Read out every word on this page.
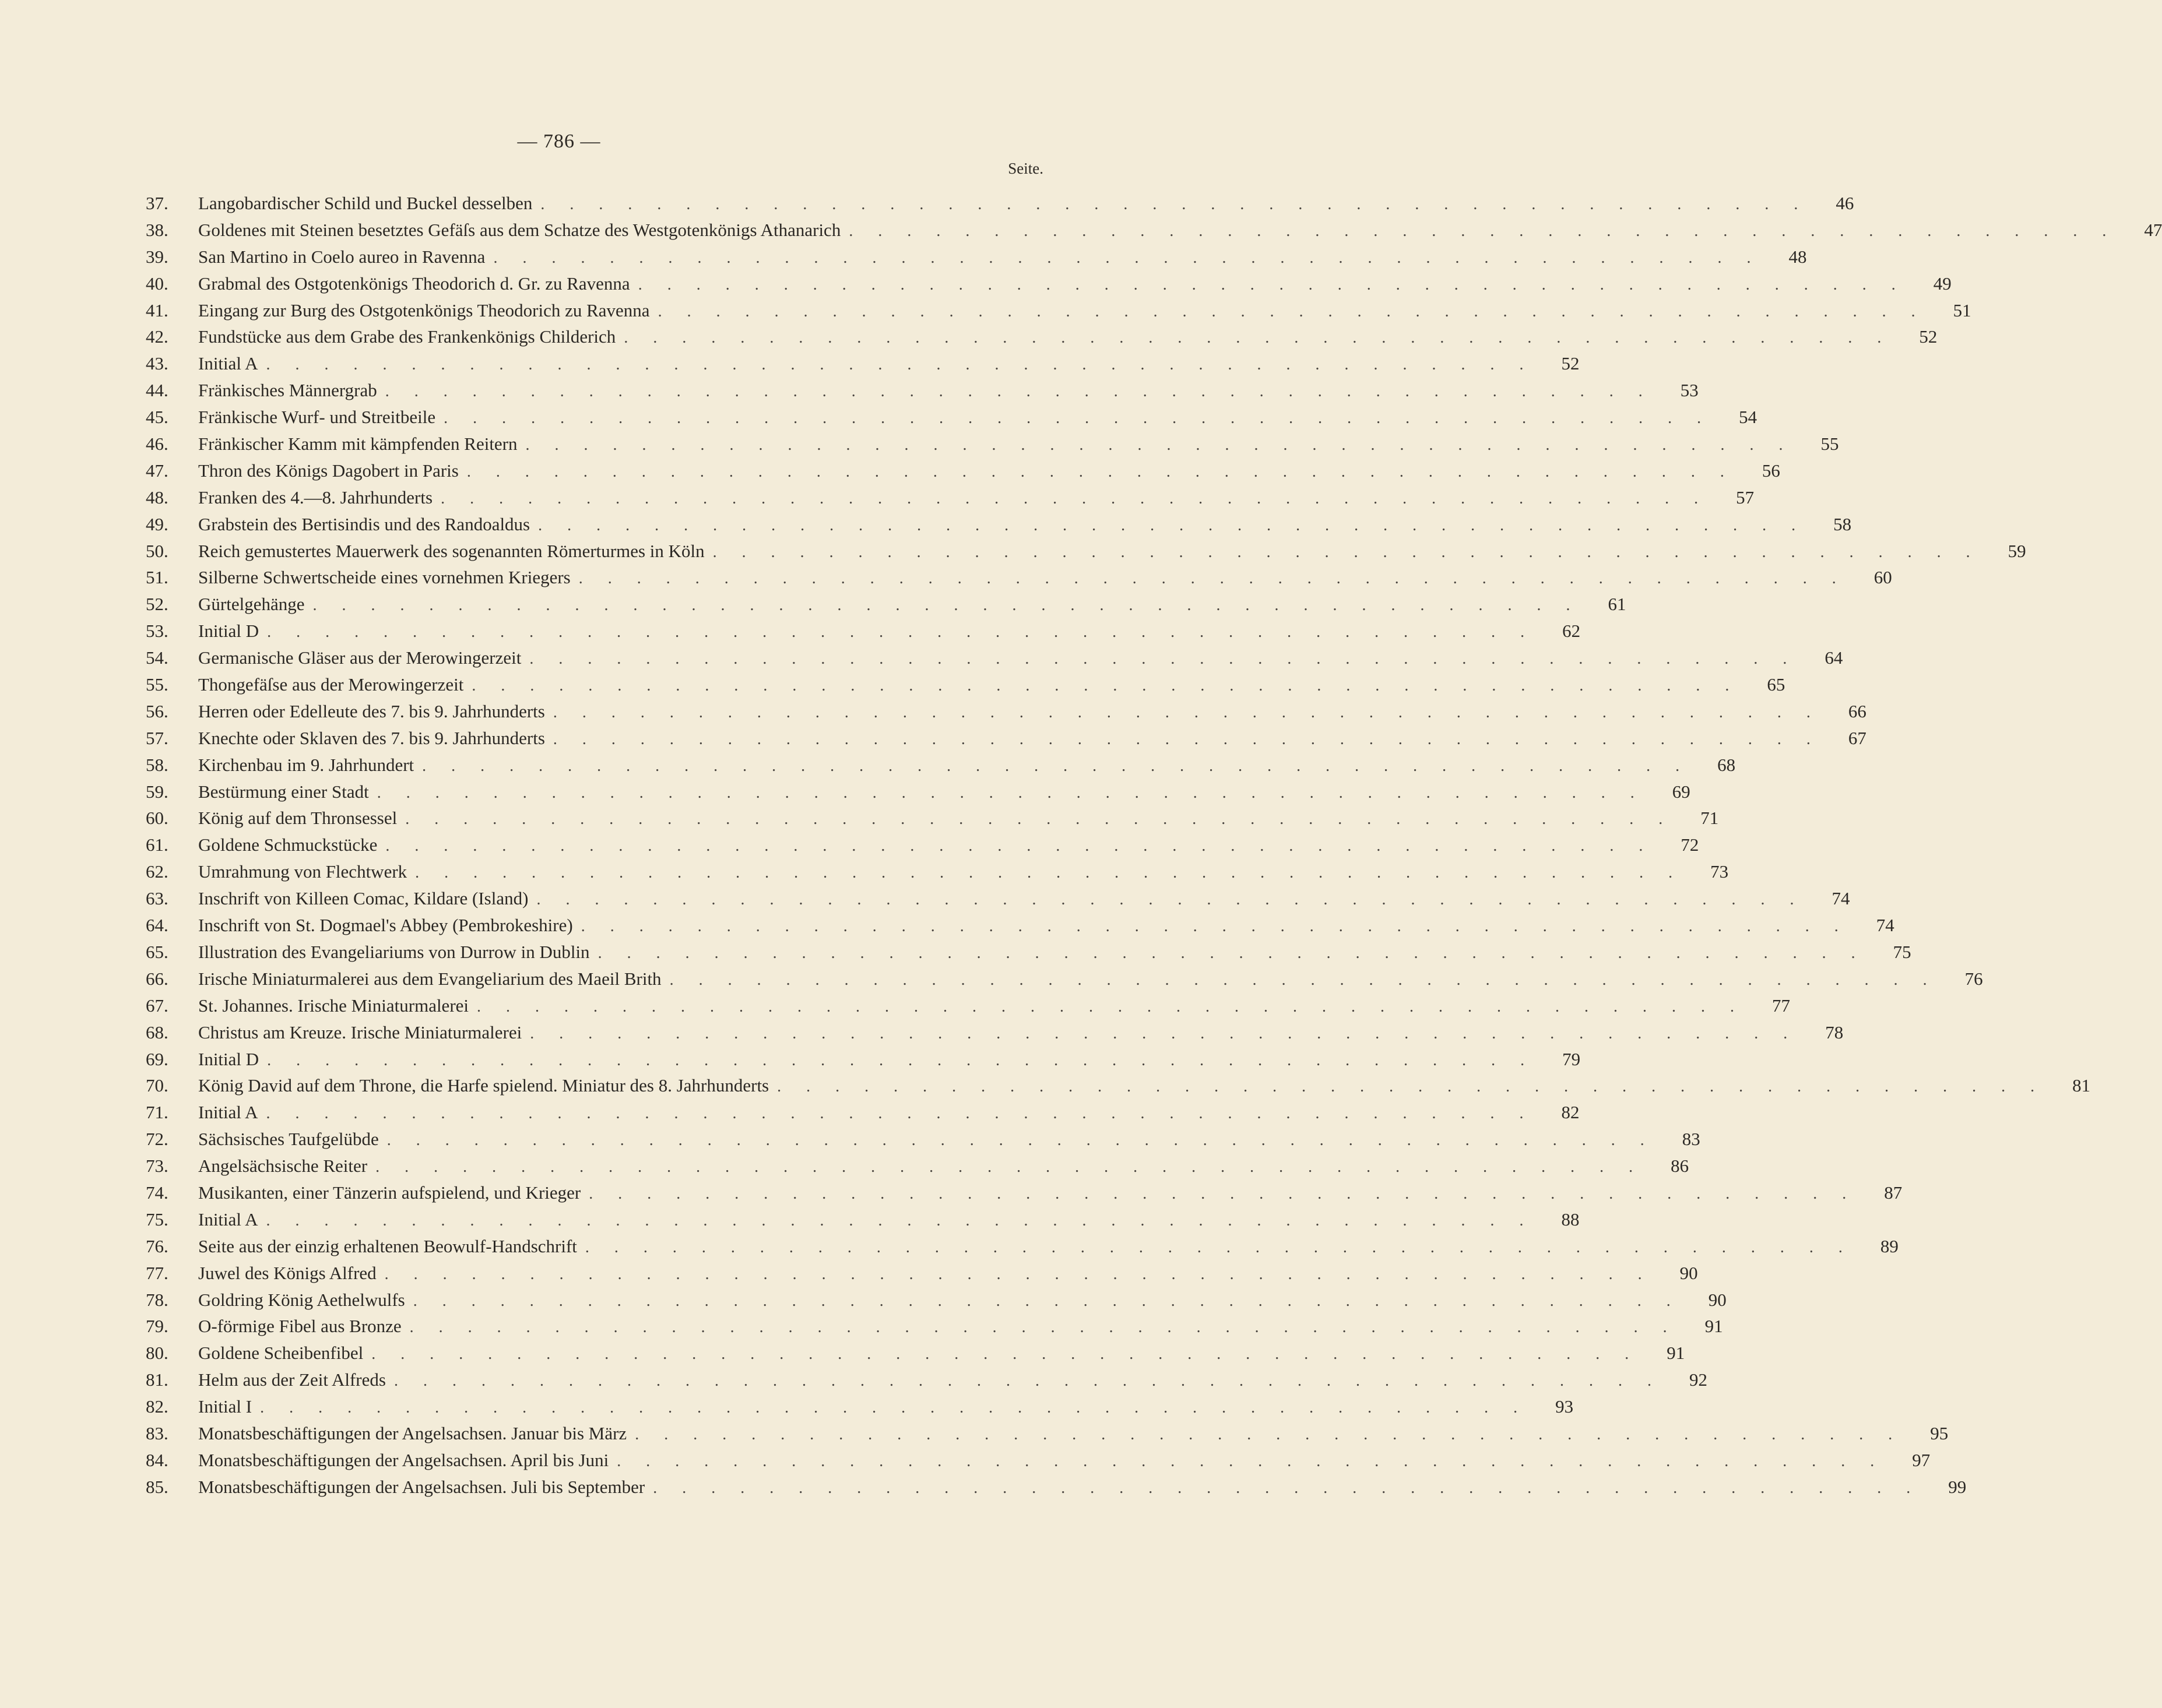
— 786 —
Seite.
37.	Langobardischer Schild und Buckel desselben . . .	46
38.	Goldenes mit Steinen besetztes Gefäſs aus dem Schatze des Westgotenkönigs Athanarich . . .	47
39.	San Martino in Coelo aureo in Ravenna . . .	48
40.	Grabmal des Ostgotenkönigs Theodorich d. Gr. zu Ravenna . . .	49
41.	Eingang zur Burg des Ostgotenkönigs Theodorich zu Ravenna . . .	51
42.	Fundstücke aus dem Grabe des Frankenkönigs Childerich . . .	52
43.	Initial A . . .	52
44.	Fränkisches Männergrab . . .	53
45.	Fränkische Wurf- und Streitbeile . . .	54
46.	Fränkischer Kamm mit kämpfenden Reitern . . .	55
47.	Thron des Königs Dagobert in Paris . . .	56
48.	Franken des 4.—8. Jahrhunderts . . .	57
49.	Grabstein des Bertisindis und des Randoaldus . . .	58
50.	Reich gemustertes Mauerwerk des sogenannten Römerturmes in Köln . . .	59
51.	Silberne Schwertscheide eines vornehmen Kriegers . . .	60
52.	Gürtelgehänge . . .	61
53.	Initial D . . .	62
54.	Germanische Gläser aus der Merowingerzeit . . .	64
55.	Thongefäſse aus der Merowingerzeit . . .	65
56.	Herren oder Edelleute des 7. bis 9. Jahrhunderts . . .	66
57.	Knechte oder Sklaven des 7. bis 9. Jahrhunderts . . .	67
58.	Kirchenbau im 9. Jahrhundert . . .	68
59.	Bestürmung einer Stadt . . .	69
60.	König auf dem Thronsessel . . .	71
61.	Goldene Schmuckstücke . . .	72
62.	Umrahmung von Flechtwerk . . .	73
63.	Inschrift von Killeen Comac, Kildare (Island) . . .	74
64.	Inschrift von St. Dogmael's Abbey (Pembrokeshire) . . .	74
65.	Illustration des Evangeliariums von Durrow in Dublin . . .	75
66.	Irische Miniaturmalerei aus dem Evangeliarium des Maeil Brith . . .	76
67.	St. Johannes. Irische Miniaturmalerei . . .	77
68.	Christus am Kreuze. Irische Miniaturmalerei . . .	78
69.	Initial D . . .	79
70.	König David auf dem Throne, die Harfe spielend. Miniatur des 8. Jahrhunderts . . .	81
71.	Initial A . . .	82
72.	Sächsisches Taufgelübde . . .	83
73.	Angelsächsische Reiter . . .	86
74.	Musikanten, einer Tänzerin aufspielend, und Krieger . . .	87
75.	Initial A . . .	88
76.	Seite aus der einzig erhaltenen Beowulf-Handschrift . . .	89
77.	Juwel des Königs Alfred . . .	90
78.	Goldring König Aethelwulfs . . .	90
79.	O-förmige Fibel aus Bronze . . .	91
80.	Goldene Scheibenfibel . . .	91
81.	Helm aus der Zeit Alfreds . . .	92
82.	Initial I . . .	93
83.	Monatsbeschäftigungen der Angelsachsen. Januar bis März . . .	95
84.	Monatsbeschäftigungen der Angelsachsen. April bis Juni . . .	97
85.	Monatsbeschäftigungen der Angelsachsen. Juli bis September . . .	99
